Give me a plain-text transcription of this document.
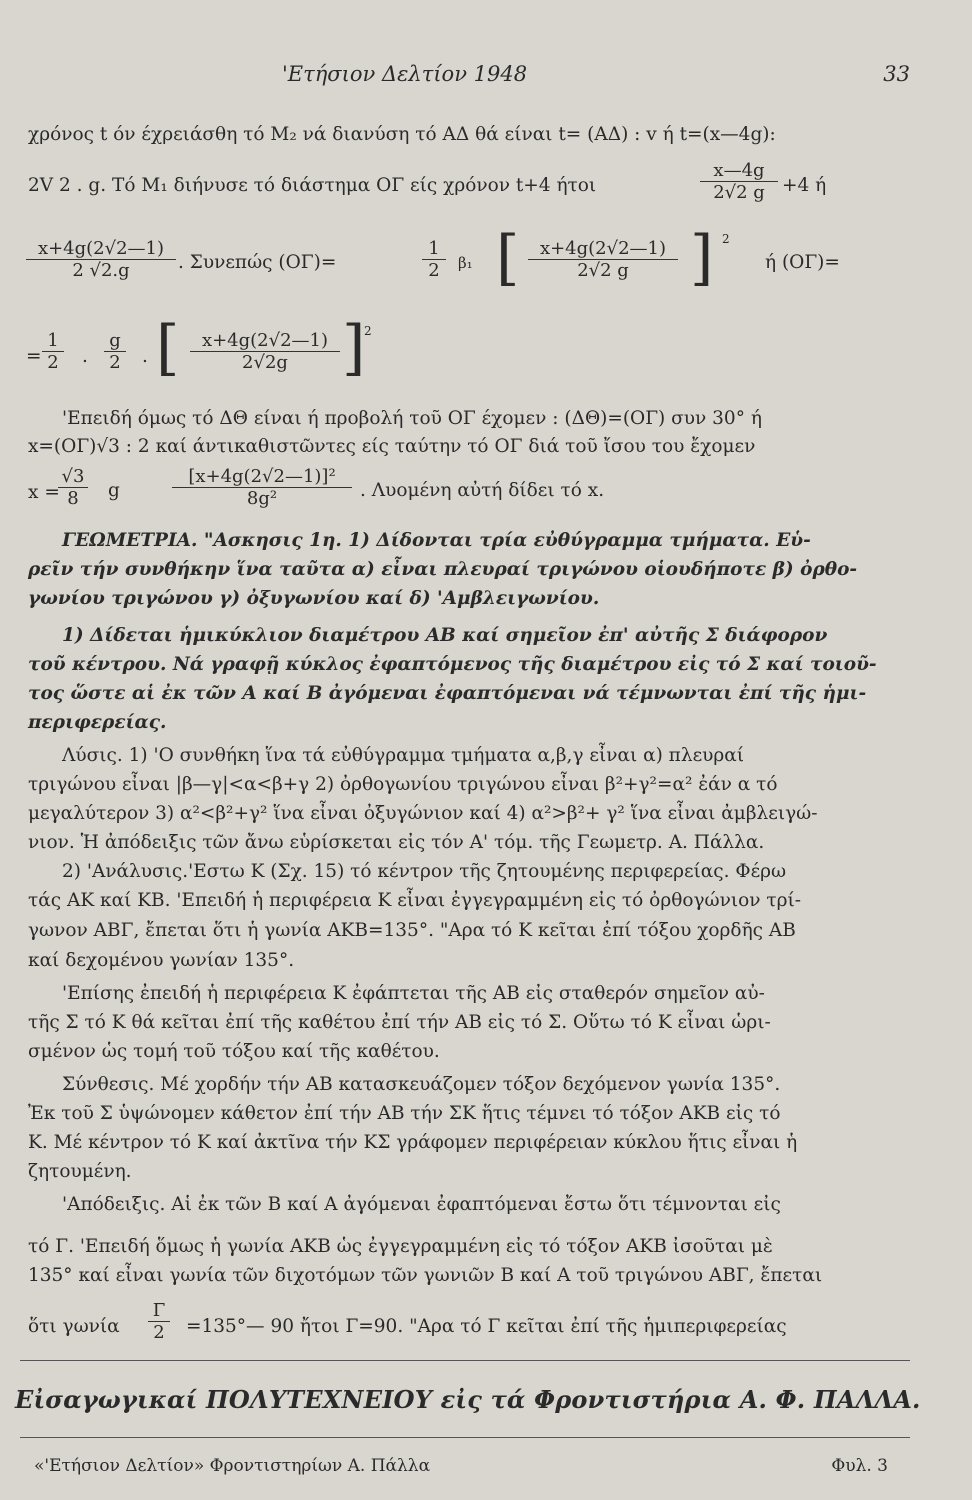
'Ετήσιον Δελτίον 1948	33
χρόνος t όν έχρειάσθη τό M₂ νά διανύση τό ΑΔ θά είναι t= (ΑΔ) : v ή t=(x—4g):
2V 2 . g. Τό M₁ διήνυσε τό διάστημα ΟΓ είς χρόνον t+4 ήτοι	$\frac{x—4g}{2√2 g} +4$ ή
$\frac{x+4g(2√2—1)}{2 √2.g}$ . Συνεπώς (ΟΓ)=	$\frac{1}{2} \beta_1$ [ $\frac{x+4g(2√2—1)}{2√2 g}$ ] 2
ή (ΟΓ)=
= $\frac{1}{2}$ . $\frac{g}{2}$ . [ $\frac{x+4g(2√2—1)}{2√2g}$ ]
2
'Επειδή όμως τό ΔΘ είναι ή προβολή τοῦ ΟΓ έχομεν : (ΔΘ)=(ΟΓ) συν 30° ή
x=(ΟΓ)√3 : 2 καί άντικαθιστῶντες είς ταύτην τό ΟΓ διά τοῦ ἴσου του ἔχομεν
x =
$\frac{√3}{8}$ g	$\frac{\text{[x+4g(2√2—1)]²}}{\text{8g²}}$ . Λυομένη αὐτή δίδει τό x.
ΓΕΩΜΕΤΡΙΑ. "Ασκησις 1η. 1) Δίδονται τρία εὐθύγραμμα τμήματα. Εὑ-
ρεῖν τήν συνθήκην ἵνα ταῦτα α) εἶναι πλευραί τριγώνου οἱουδήποτε β) ὀρθο-
γωνίου τριγώνου γ) ὀξυγωνίου καί δ) 'Αμβλειγωνίου.
1) Δίδεται ἡμικύκλιον διαμέτρου ΑΒ καί σημεῖον ἐπ' αὐτῆς Σ διάφορον
τοῦ κέντρου. Νά γραφῇ κύκλος ἐφαπτόμενος τῆς διαμέτρου εἰς τό Σ καί τοιοῦ-
τος ὥστε αἱ ἐκ τῶν Α καί Β ἀγόμεναι ἐφαπτόμεναι νά τέμνωνται ἐπί τῆς ἡμι-
περιφερείας.
Λύσις. 1) 'Ο συνθήκη ἵνα τά εὐθύγραμμα τμήματα α,β,γ εἶναι α) πλευραί
τριγώνου εἶναι |β—γ|<α<β+γ 2) ὀρθογωνίου τριγώνου εἶναι β²+γ²=α² ἐάν α τό
μεγαλύτερον 3) α²<β²+γ² ἵνα εἶναι ὀξυγώνιον καί 4) α²>β²+ γ² ἵνα εἶναι ἀμβλειγώ-
νιον. Ἡ ἀπόδειξις τῶν ἄνω εὑρίσκεται εἰς τόν Α' τόμ. τῆς Γεωμετρ. Α. Πάλλα.
2) 'Ανάλυσις.'Εστω Κ (Σχ. 15) τό κέντρον τῆς ζητουμένης περιφερείας. Φέρω
τάς ΑΚ καί ΚΒ. 'Επειδή ἡ περιφέρεια Κ εἶναι ἐγγεγραμμένη εἰς τό ὀρθογώνιον τρί-
γωνον ΑΒΓ, ἔπεται ὅτι ἡ γωνία ΑΚΒ=135°. "Αρα τό Κ κεῖται ἐπί τόξου χορδῆς ΑΒ
καί δεχομένου γωνίαν 135°.
'Επίσης ἐπειδή ἡ περιφέρεια Κ ἐφάπτεται τῆς ΑΒ εἰς σταθερόν σημεῖον αὐ-
τῆς Σ τό Κ θά κεῖται ἐπί τῆς καθέτου ἐπί τήν ΑΒ εἰς τό Σ. Οὕτω τό Κ εἶναι ὡρι-
σμένον ὡς τομή τοῦ τόξου καί τῆς καθέτου.
Σύνθεσις. Μέ χορδήν τήν ΑΒ κατασκευάζομεν τόξον δεχόμενον γωνία 135°.
Ἐκ τοῦ Σ ὑψώνομεν κάθετον ἐπί τήν ΑΒ τήν ΣΚ ἥτις τέμνει τό τόξον ΑΚΒ εἰς τό
Κ. Μέ κέντρον τό Κ καί ἀκτῖνα τήν ΚΣ γράφομεν περιφέρειαν κύκλου ἥτις εἶναι ἡ
ζητουμένη.
'Απόδειξις. Αἱ ἐκ τῶν Β καί Α ἀγόμεναι ἐφαπτόμεναι ἔστω ὅτι τέμνονται εἰς
τό Γ. 'Επειδή ὅμως ἡ γωνία ΑΚΒ ὡς ἐγγεγραμμένη εἰς τό τόξον ΑΚΒ ἰσοῦται μὲ
135° καί εἶναι γωνία τῶν διχοτόμων τῶν γωνιῶν Β καί Α τοῦ τριγώνου ΑΒΓ, ἔπεται
ὅτι γωνία $\frac{\Gamma}{2}$ =135°— 90 ἤτοι Γ=90. "Αρα τό Γ κεῖται ἐπί τῆς ἡμιπεριφερείας
Εἰσαγωγικαί ΠΟΛΥΤΕΧΝΕΙΟΥ εἰς τά Φροντιστήρια Α. Φ. ΠΑΛΛΑ.
«'Ετήσιον Δελτίον» Φροντιστηρίων Α. Πάλλα	Φυλ. 3
